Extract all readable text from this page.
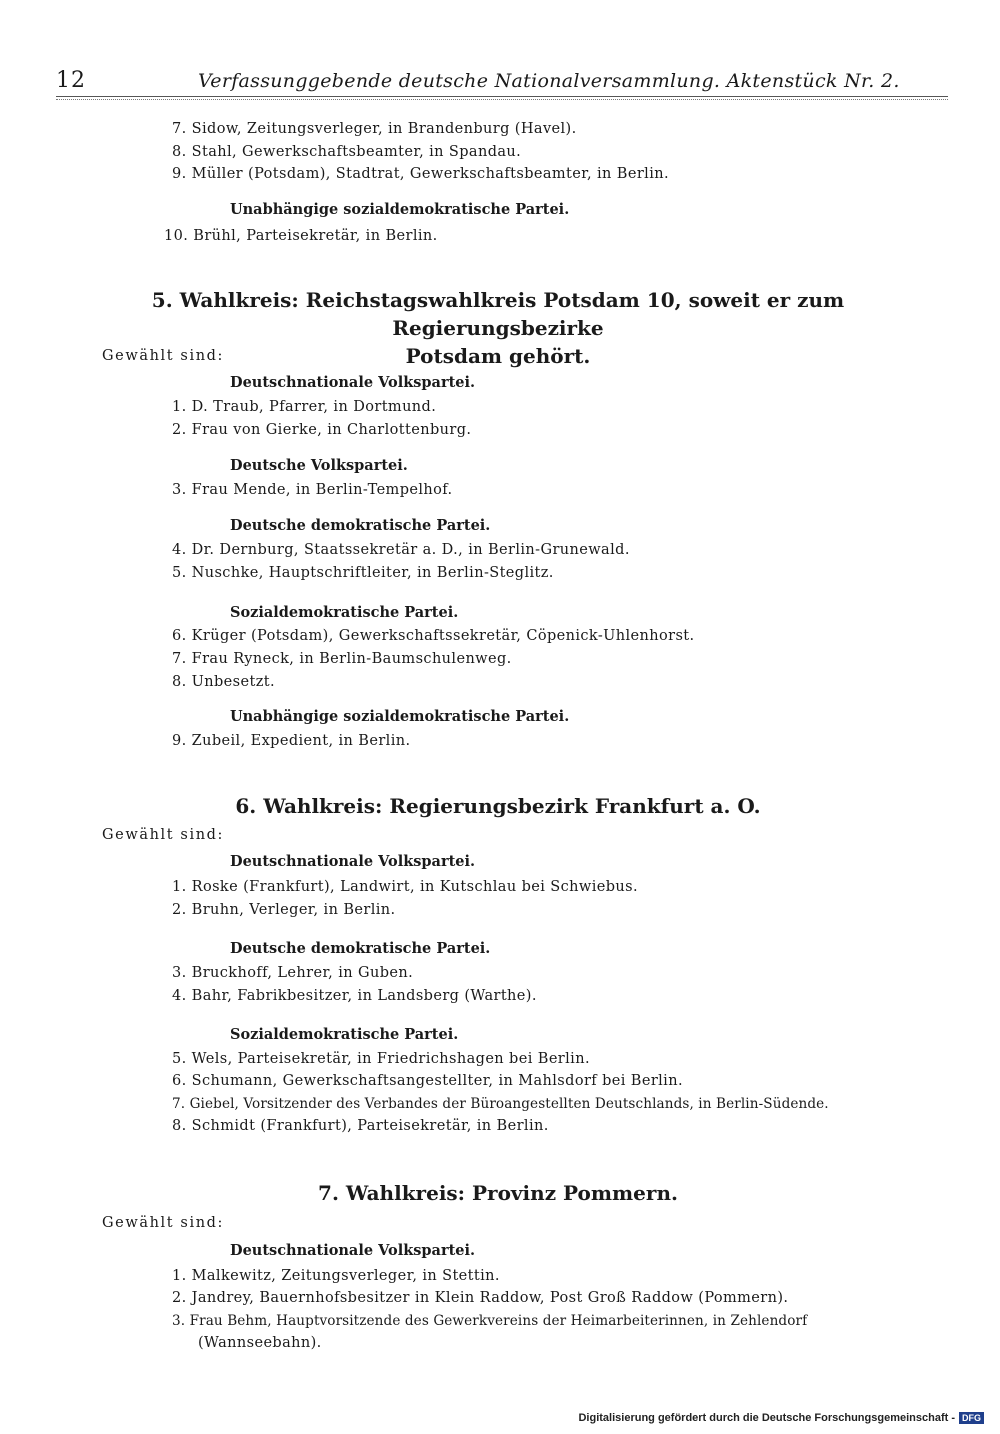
12	Verfassunggebende deutsche Nationalversammlung. Aktenstück Nr. 2.
7. Sidow, Zeitungsverleger, in Brandenburg (Havel).
8. Stahl, Gewerkschaftsbeamter, in Spandau.
9. Müller (Potsdam), Stadtrat, Gewerkschaftsbeamter, in Berlin.
Unabhängige sozialdemokratische Partei.
10. Brühl, Parteisekretär, in Berlin.
5. Wahlkreis: Reichstagswahlkreis Potsdam 10, soweit er zum Regierungsbezirke
Potsdam gehört.
Gewählt sind:
Deutschnationale Volkspartei.
1. D. Traub, Pfarrer, in Dortmund.
2. Frau von Gierke, in Charlottenburg.
Deutsche Volkspartei.
3. Frau Mende, in Berlin-Tempelhof.
Deutsche demokratische Partei.
4. Dr. Dernburg, Staatssekretär a. D., in Berlin-Grunewald.
5. Nuschke, Hauptschriftleiter, in Berlin-Steglitz.
Sozialdemokratische Partei.
6. Krüger (Potsdam), Gewerkschaftssekretär, Cöpenick-Uhlenhorst.
7. Frau Ryneck, in Berlin-Baumschulenweg.
8. Unbesetzt.
Unabhängige sozialdemokratische Partei.
9. Zubeil, Expedient, in Berlin.
6. Wahlkreis: Regierungsbezirk Frankfurt a. O.
Gewählt sind:
Deutschnationale Volkspartei.
1. Roske (Frankfurt), Landwirt, in Kutschlau bei Schwiebus.
2. Bruhn, Verleger, in Berlin.
Deutsche demokratische Partei.
3. Bruckhoff, Lehrer, in Guben.
4. Bahr, Fabrikbesitzer, in Landsberg (Warthe).
Sozialdemokratische Partei.
5. Wels, Parteisekretär, in Friedrichshagen bei Berlin.
6. Schumann, Gewerkschaftsangestellter, in Mahlsdorf bei Berlin.
7. Giebel, Vorsitzender des Verbandes der Büroangestellten Deutschlands, in Berlin-Südende.
8. Schmidt (Frankfurt), Parteisekretär, in Berlin.
7. Wahlkreis: Provinz Pommern.
Gewählt sind:
Deutschnationale Volkspartei.
1. Malkewitz, Zeitungsverleger, in Stettin.
2. Jandrey, Bauernhofsbesitzer in Klein Raddow, Post Groß Raddow (Pommern).
3. Frau Behm, Hauptvorsitzende des Gewerkvereins der Heimarbeiterinnen, in Zehlendorf
(Wannseebahn).
Digitalisierung gefördert durch die Deutsche Forschungsgemeinschaft - DFG
